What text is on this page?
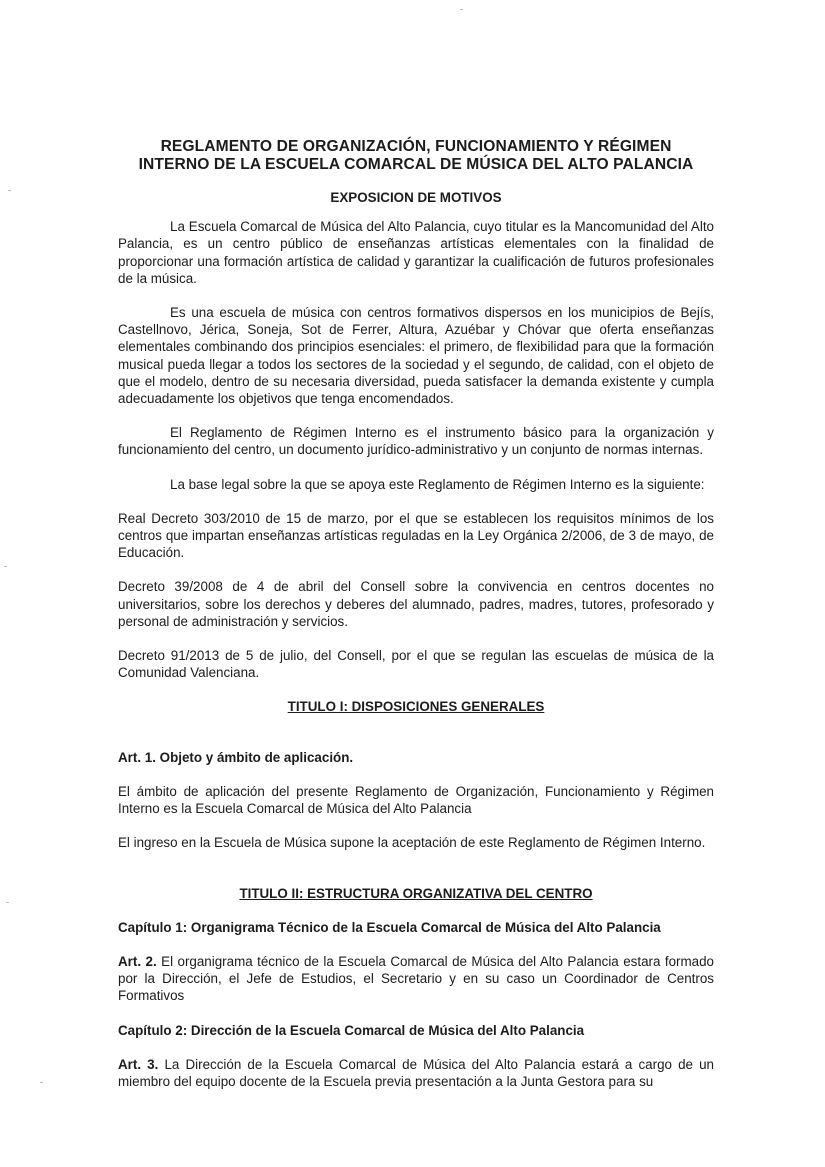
REGLAMENTO DE ORGANIZACIÓN, FUNCIONAMIENTO Y RÉGIMEN
INTERNO DE LA ESCUELA COMARCAL DE MÚSICA DEL ALTO PALANCIA
EXPOSICION DE MOTIVOS

La Escuela Comarcal de Música del Alto Palancia, cuyo titular es la Mancomunidad del Alto Palancia, es un centro público de enseñanzas artísticas elementales con la finalidad de proporcionar una formación artística de calidad y garantizar la cualificación de futuros profesionales de la música.

Es una escuela de música con centros formativos dispersos en los municipios de Bejís, Castellnovo, Jérica, Soneja, Sot de Ferrer, Altura, Azuébar y Chóvar que oferta enseñanzas elementales combinando dos principios esenciales: el primero, de flexibilidad para que la formación musical pueda llegar a todos los sectores de la sociedad y el segundo, de calidad, con el objeto de que el modelo, dentro de su necesaria diversidad, pueda satisfacer la demanda existente y cumpla adecuadamente los objetivos que tenga encomendados.

El Reglamento de Régimen Interno es el instrumento básico para la organización y funcionamiento del centro, un documento jurídico-administrativo y un conjunto de normas internas.

La base legal sobre la que se apoya este Reglamento de Régimen Interno es la siguiente:

Real Decreto 303/2010 de 15 de marzo, por el que se establecen los requisitos mínimos de los centros que impartan enseñanzas artísticas reguladas en la Ley Orgánica 2/2006, de 3 de mayo, de Educación.

Decreto 39/2008 de 4 de abril del Consell sobre la convivencia en centros docentes no universitarios, sobre los derechos y deberes del alumnado, padres, madres, tutores, profesorado y personal de administración y servicios.

Decreto 91/2013 de 5 de julio, del Consell, por el que se regulan las escuelas de música de la Comunidad Valenciana.

TITULO I: DISPOSICIONES GENERALES
Art. 1. Objeto y ámbito de aplicación.

El ámbito de aplicación del presente Reglamento de Organización, Funcionamiento y Régimen Interno es la Escuela Comarcal de Música del Alto Palancia

El ingreso en la Escuela de Música supone la aceptación de este Reglamento de Régimen Interno.

TITULO II: ESTRUCTURA ORGANIZATIVA DEL CENTRO
Capítulo 1: Organigrama Técnico de la Escuela Comarcal de Música del Alto Palancia

Art. 2. El organigrama técnico de la Escuela Comarcal de Música del Alto Palancia estara formado por la Dirección, el Jefe de Estudios, el Secretario y en su caso un Coordinador de Centros Formativos

Capítulo 2: Dirección de la Escuela Comarcal de Música del Alto Palancia

Art. 3. La Dirección de la Escuela Comarcal de Música del Alto Palancia estará a cargo de un miembro del equipo docente de la Escuela previa presentación a la Junta Gestora para su
